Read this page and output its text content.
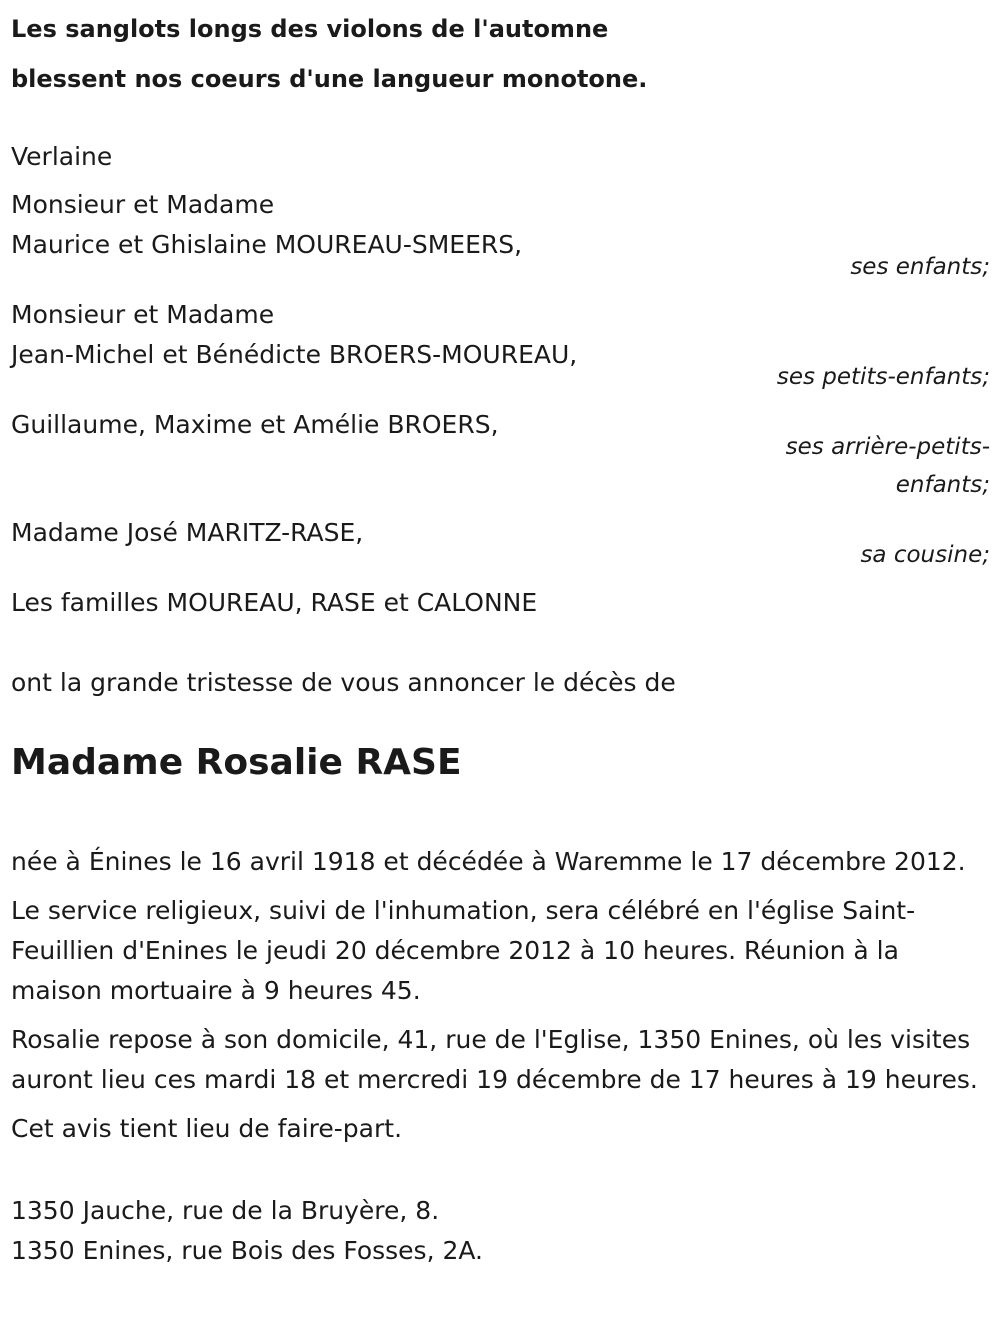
Les sanglots longs des violons de l'automne

blessent nos coeurs d'une langueur monotone.

Verlaine

Monsieur et Madame

Maurice et Ghislaine MOUREAU-SMEERS,

ses enfants;

Monsieur et Madame

Jean-Michel et Bénédicte BROERS-MOUREAU,

ses petits-enfants;

Guillaume, Maxime et Amélie BROERS,

ses arrière-petits-

enfants;

Madame José MARITZ-RASE,

sa cousine;

Les familles MOUREAU, RASE et CALONNE

ont la grande tristesse de vous annoncer le décès de

Madame Rosalie RASE

née à Énines le 16 avril 1918 et décédée à Waremme le 17 décembre 2012.

Le service religieux, suivi de l'inhumation, sera célébré en l'église Saint-Feuillien d'Enines le jeudi 20 décembre 2012 à 10 heures. Réunion à la maison mortuaire à 9 heures 45.

Rosalie repose à son domicile, 41, rue de l'Eglise, 1350 Enines, où les visites auront lieu ces mardi 18 et mercredi 19 décembre de 17 heures à 19 heures.

Cet avis tient lieu de faire-part.

1350 Jauche, rue de la Bruyère, 8.

1350 Enines, rue Bois des Fosses, 2A.
